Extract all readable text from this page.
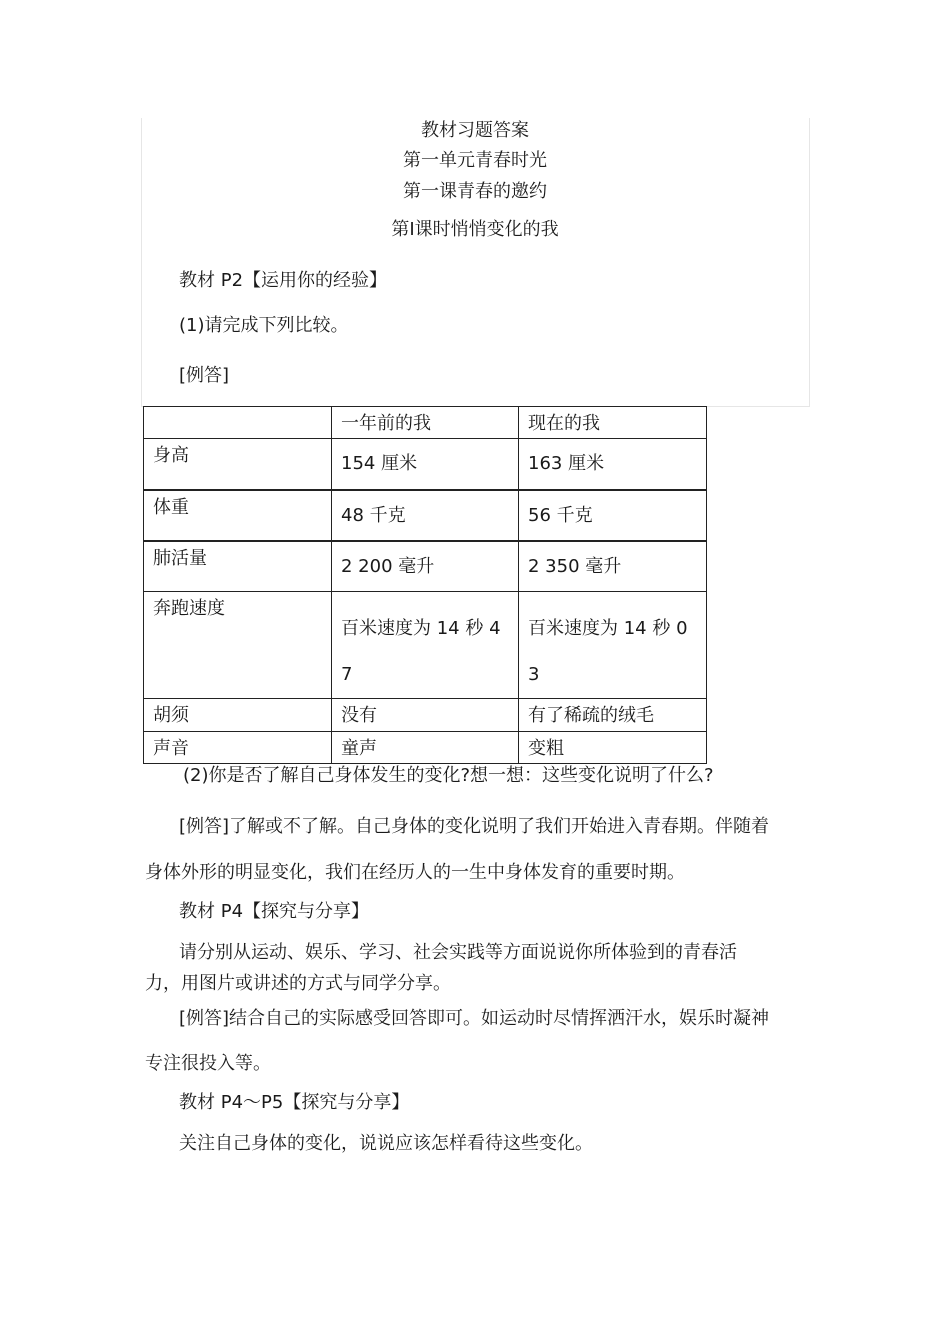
教材习题答案
第一单元青春时光
第一课青春的邀约
第Ⅰ课时悄悄变化的我
教材 P2【运用你的经验】
(1)请完成下列比较。
[例答]

	一年前的我	现在的我

身高	154 厘米	163 厘米

体重	48 千克	56 千克

肺活量	2 200 毫升	2 350 毫升

奔跑速度	百米速度为 14 秒 47	百米速度为 14 秒 03

胡须	没有	有了稀疏的绒毛

声音	童声	变粗
(2)你是否了解自己身体发生的变化?想一想：这些变化说明了什么?
[例答]了解或不了解。自己身体的变化说明了我们开始进入青春期。伴随着
身体外形的明显变化，我们在经历人的一生中身体发育的重要时期。
教材 P4【探究与分享】
请分别从运动、娱乐、学习、社会实践等方面说说你所体验到的青春活
力，用图片或讲述的方式与同学分享。
[例答]结合自己的实际感受回答即可。如运动时尽情挥洒汗水，娱乐时凝神
专注很投入等。
教材 P4～P5【探究与分享】
关注自己身体的变化，说说应该怎样看待这些变化。
